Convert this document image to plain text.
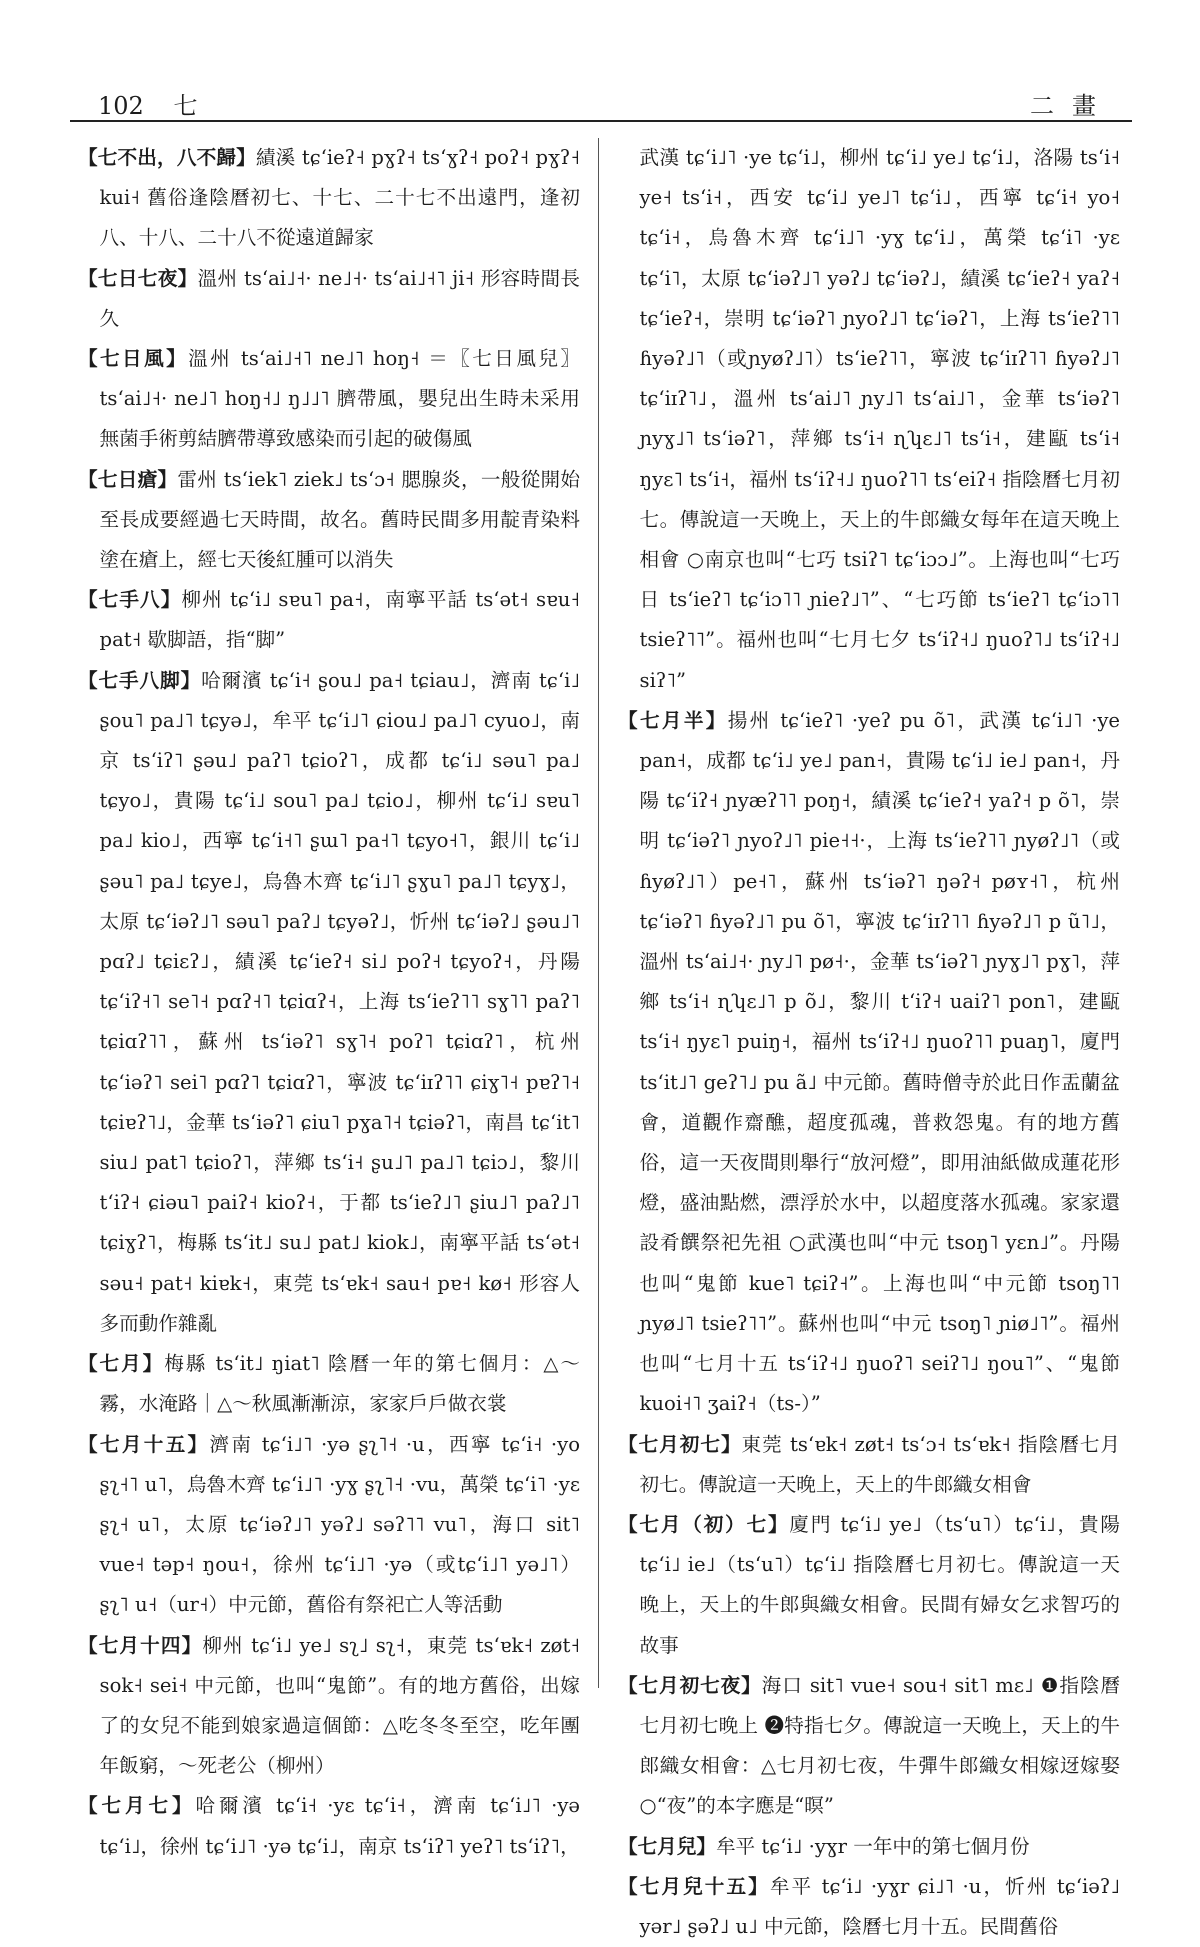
102 七	二畫

【七不出，八不歸】績溪 tɕʻieʔ˧ pɣʔ˧ tsʻɣʔ˧ poʔ˧ pɣʔ˧ kui˧ 舊俗逢陰曆初七、十七、二十七不出遠門，逢初八、十八、二十八不從遠道歸家

【七日七夜】溫州 tsʻai˩˧· ne˩˧· tsʻai˩˧˥ ji˧ 形容時間長久

【七日風】溫州 tsʻai˩˧˥ ne˩˥ hoŋ˧ ＝〖七日風兒〗 tsʻai˩˧· ne˩˥ hoŋ˧˩ ŋ˩˩˥ 臍帶風，嬰兒出生時未采用無菌手術剪結臍帶導致感染而引起的破傷風

【七日瘡】雷州 tsʻiek˥ ziek˩ tsʻɔ˧ 腮腺炎，一般從開始至長成要經過七天時間，故名。舊時民間多用靛青染料塗在瘡上，經七天後紅腫可以消失

【七手八】柳州 tɕʻi˩ sɐu˥ pa˧，南寧平話 tsʻət˧ sɐu˧ pat˧ 歇脚語，指“脚”

【七手八脚】哈爾濱 tɕʻi˧ ʂou˩ pa˧ tɕiau˩，濟南 tɕʻi˩ ʂou˥ pa˩˥ tɕyə˩，牟平 tɕʻi˩˥ ɕiou˩ pa˩˥ cyuo˩，南京 tsʻiʔ˥ ʂəu˩ paʔ˥ tɕioʔ˥，成都 tɕʻi˩ səu˥ pa˩ tɕyo˩，貴陽 tɕʻi˩ sou˥ pa˩ tɕio˩，柳州 tɕʻi˩ sɐu˥ pa˩ kio˩，西寧 tɕʻi˧˥ ʂɯ˥ pa˧˥ tɕyo˧˥，銀川 tɕʻi˩ ʂəu˥ pa˩ tɕye˩，烏魯木齊 tɕʻi˩˥ ʂɣu˥ pa˩˥ tɕyɣ˩，太原 tɕʻiəʔ˩˥ səu˥ paʔ˩ tɕyəʔ˩，忻州 tɕʻiəʔ˩ ʂəu˩˥ pɑʔ˩ tɕiɛʔ˩，績溪 tɕʻieʔ˧ si˩ poʔ˧ tɕyoʔ˧，丹陽 tɕʻiʔ˧˥ se˥˧ pɑʔ˧˥ tɕiɑʔ˧，上海 tsʻieʔ˥˥ sɣ˥˥ paʔ˥ tɕiɑʔ˥˥，蘇州 tsʻiəʔ˥ sɣ˥˧ poʔ˥ tɕiɑʔ˥，杭州 tɕʻiəʔ˥ sei˥ pɑʔ˥ tɕiɑʔ˥，寧波 tɕʻiɪʔ˥˥ ɕiɣ˥˧ pɐʔ˥˧ tɕiɐʔ˥˩，金華 tsʻiəʔ˥ ɕiu˥ pɣa˥˧ tɕiəʔ˥，南昌 tɕʻit˥ siu˩ pat˥ tɕioʔ˥，萍鄉 tsʻi˧ ʂu˩˥ pa˩˥ tɕiɔ˩，黎川 tʻiʔ˧ ɕiəu˥ paiʔ˧ kioʔ˧，于都 tsʻieʔ˩˥ ʂiu˩˥ paʔ˩˥ tɕiɣʔ˥，梅縣 tsʻit˩ su˩ pat˩ kiok˩，南寧平話 tsʻət˧ səu˧ pat˧ kiɐk˧，東莞 tsʻɐk˧ sau˧ pɐ˧ kø˧ 形容人多而動作雜亂

【七月】梅縣 tsʻit˩ ŋiat˥ 陰曆一年的第七個月：△～霧，水淹路｜△～秋風漸漸涼，家家戶戶做衣裳

【七月十五】濟南 tɕʻi˩˥ ·yə ʂʅ˥˧ ·u，西寧 tɕʻi˧ ·yo ʂʅ˧˥ u˥，烏魯木齊 tɕʻi˩˥ ·yɣ ʂʅ˥˧ ·vu，萬榮 tɕʻi˥ ·yɛ ʂʅ˧ u˥，太原 tɕʻiəʔ˩˥ yəʔ˩ səʔ˥˥ vu˥，海口 sit˥ vue˧ təp˧ ŋou˧，徐州 tɕʻi˩˥ ·yə（或tɕʻi˩˥ yə˩˥）ʂʅ˥ u˧（ur˧）中元節，舊俗有祭祀亡人等活動

【七月十四】柳州 tɕʻi˩ ye˩ sʅ˩ sʅ˧，東莞 tsʻɐk˧ zøt˧ sok˧ sei˧ 中元節，也叫“鬼節”。有的地方舊俗，出嫁了的女兒不能到娘家過這個節：△吃冬冬至空，吃年團年飯窮，～死老公（柳州）

【七月七】哈爾濱 tɕʻi˧ ·yɛ tɕʻi˧，濟南 tɕʻi˩˥ ·yə tɕʻi˩，徐州 tɕʻi˩˥ ·yə tɕʻi˩，南京 tsʻiʔ˥ yeʔ˥ tsʻiʔ˥，

武漢 tɕʻi˩˥ ·ye tɕʻi˩，柳州 tɕʻi˩ ye˩ tɕʻi˩，洛陽 tsʻi˧ ye˧ tsʻi˧，西安 tɕʻi˩ ye˩˥ tɕʻi˩，西寧 tɕʻi˧ yo˧ tɕʻi˧，烏魯木齊 tɕʻi˩˥ ·yɣ tɕʻi˩，萬榮 tɕʻi˥ ·yɛ tɕʻi˥，太原 tɕʻiəʔ˩˥ yəʔ˩ tɕʻiəʔ˩，績溪 tɕʻieʔ˧ yaʔ˧ tɕʻieʔ˧，崇明 tɕʻiəʔ˥ ɲyoʔ˩˥ tɕʻiəʔ˥，上海 tsʻieʔ˥˥ ɦyəʔ˩˥（或ɲyøʔ˩˥）tsʻieʔ˥˥，寧波 tɕʻiɪʔ˥˥ ɦyəʔ˩˥ tɕʻiɪʔ˥˩，溫州 tsʻai˩˥ ɲy˩˥ tsʻai˩˥，金華 tsʻiəʔ˥ ɲyɣ˩˥ tsʻiəʔ˥，萍鄉 tsʻi˧ ɳʮɛ˩˥ tsʻi˧，建甌 tsʻi˧ ŋyɛ˥ tsʻi˧，福州 tsʻiʔ˧˩ ŋuoʔ˥˥ tsʻeiʔ˧ 指陰曆七月初七。傳說這一天晚上，天上的牛郎織女每年在這天晚上相會 ○南京也叫“七巧 tsiʔ˥ tɕʻiɔɔ˩”。上海也叫“七巧日 tsʻieʔ˥ tɕʻiɔ˥˥ ɲieʔ˩˥”、“七巧節 tsʻieʔ˥ tɕʻiɔ˥˥ tsieʔ˥˥”。福州也叫“七月七夕 tsʻiʔ˧˩ ŋuoʔ˥˩ tsʻiʔ˧˩ siʔ˥”

【七月半】揚州 tɕʻieʔ˥ ·yeʔ pu õ˥，武漢 tɕʻi˩˥ ·ye pan˧，成都 tɕʻi˩ ye˩ pan˧，貴陽 tɕʻi˩ ie˩ pan˧，丹陽 tɕʻiʔ˧ ɲyæʔ˥˥ poŋ˧，績溪 tɕʻieʔ˧ yaʔ˧ p õ˥，崇明 tɕʻiəʔ˥ ɲyoʔ˩˥ pie˧˧·，上海 tsʻieʔ˥˥ ɲyøʔ˩˥（或ɦyøʔ˩˥）pe˧˥，蘇州 tsʻiəʔ˥ ŋəʔ˧ pøʏ˧˥，杭州 tɕʻiəʔ˥ ɦyəʔ˩˥ pu õ˥，寧波 tɕʻiɪʔ˥˥ ɦyəʔ˩˥ p ũ˥˩，溫州 tsʻai˩˧· ɲy˩˥ pø˧·，金華 tsʻiəʔ˥ ɲyɣ˩˥ pɣ˥，萍鄉 tsʻi˧ ɳʮɛ˩˥ p õ˩，黎川 tʻiʔ˧ uaiʔ˥ pon˥，建甌 tsʻi˧ ŋyɛ˥ puiŋ˧，福州 tsʻiʔ˧˩ ŋuoʔ˥˥ puaŋ˥，廈門 tsʻit˩˥ geʔ˥˩ pu ã˩ 中元節。舊時僧寺於此日作盂蘭盆會，道觀作齋醮，超度孤魂，普救怨鬼。有的地方舊俗，這一天夜間則舉行“放河燈”，即用油紙做成蓮花形燈，盛油點燃，漂浮於水中，以超度落水孤魂。家家還設肴饌祭祀先祖 ○武漢也叫“中元 tsoŋ˥ yɛn˩”。丹陽也叫“鬼節 kue˥ tɕiʔ˧”。上海也叫“中元節 tsoŋ˥˥ ɲyø˩˥ tsieʔ˥˥”。蘇州也叫“中元 tsoŋ˥ ɲiø˩˥”。福州也叫“七月十五 tsʻiʔ˧˩ ŋuoʔ˥ seiʔ˥˩ ŋou˥”、“鬼節 kuoi˧˥ ʒaiʔ˧（ts-）”

【七月初七】東莞 tsʻɐk˧ zøt˧ tsʻɔ˧ tsʻɐk˧ 指陰曆七月初七。傳說這一天晚上，天上的牛郎織女相會

【七月（初）七】廈門 tɕʻi˩ ye˩（tsʻu˥）tɕʻi˩，貴陽 tɕʻi˩ ie˩（tsʻu˥）tɕʻi˩ 指陰曆七月初七。傳說這一天晚上，天上的牛郎與織女相會。民間有婦女乞求智巧的故事

【七月初七夜】海口 sit˥ vue˧ sou˧ sit˥ mɛ˩ ❶指陰曆七月初七晚上 ❷特指七夕。傳說這一天晚上，天上的牛郎織女相會：△七月初七夜，牛彈牛郎織女相嫁迓嫁娶 ○“夜”的本字應是“暝”

【七月兒】牟平 tɕʻi˩ ·yɣr 一年中的第七個月份

【七月兒十五】牟平 tɕʻi˩ ·yɣr ɕi˩˥ ·u，忻州 tɕʻiəʔ˩ yər˩ ʂəʔ˩ u˩ 中元節，陰曆七月十五。民間舊俗
